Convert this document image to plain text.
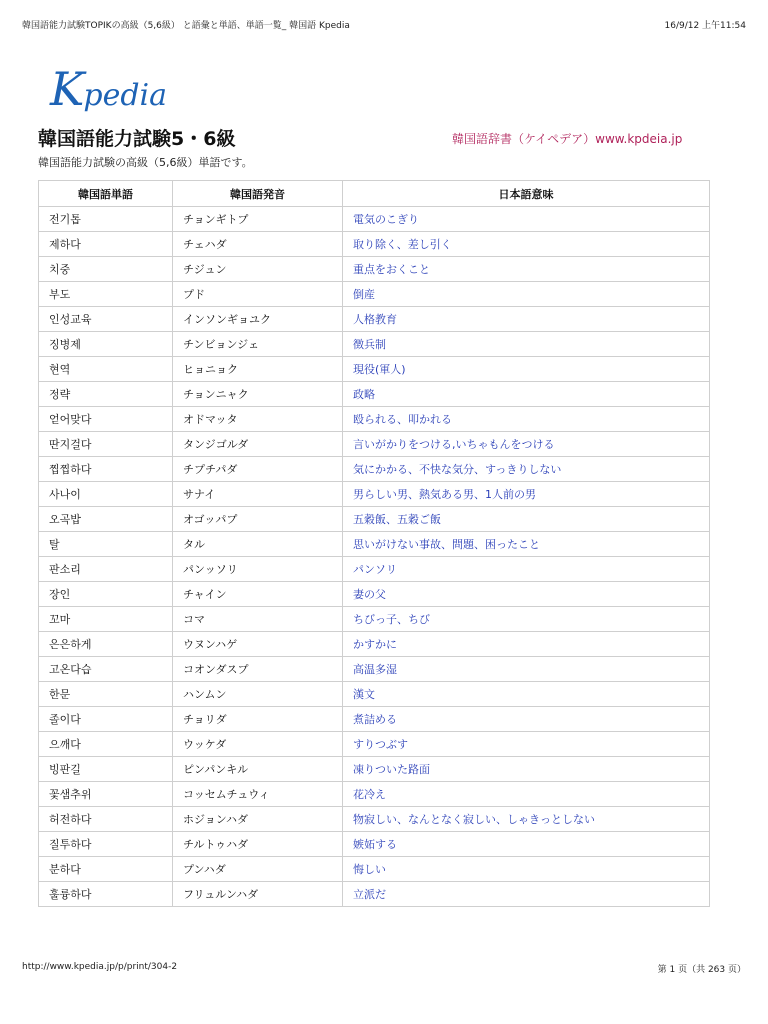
韓国語能力試験TOPIKの高級（5,6級） と語彙と単語、単語一覧_ 韓国語 Kpedia	16/9/12 上午11:54
Kpedia
韓国語能力試験5・6級	韓国語辞書（ケイペデア）www.kpdeia.jp
韓国語能力試験の高級（5,6級）単語です。
韓国語単語	韓国語発音	日本語意味
전기톱	チョンギトプ	電気のこぎり
제하다	チェハダ	取り除く、差し引く
치중	チジュン	重点をおくこと
부도	プド	倒産
인성교육	インソンギョユク	人格教育
징병제	チンビョンジェ	徴兵制
현역	ヒョニョク	現役(軍人)
정략	チョンニャク	政略
얻어맞다	オドマッタ	殴られる、叩かれる
딴지걸다	タンジゴルダ	言いがかりをつける,いちゃもんをつける
찝찝하다	チプチパダ	気にかかる、不快な気分、すっきりしない
사나이	サナイ	男らしい男、熱気ある男、1人前の男
오곡밥	オゴッパプ	五穀飯、五穀ご飯
탈	タル	思いがけない事故、問題、困ったこと
판소리	パンッソリ	パンソリ
장인	チャイン	妻の父
꼬마	コマ	ちびっ子、ちび
은은하게	ウヌンハゲ	かすかに
고온다습	コオンダスプ	高温多湿
한문	ハンムン	漢文
졸이다	チョリダ	煮詰める
으깨다	ウッケダ	すりつぶす
빙판길	ピンパンキル	凍りついた路面
꽃샘추위	コッセムチュウィ	花冷え
허전하다	ホジョンハダ	物寂しい、なんとなく寂しい、しゃきっとしない
질투하다	チルトゥハダ	嫉妬する
분하다	プンハダ	悔しい
훌륭하다	フリュルンハダ	立派だ
http://www.kpedia.jp/p/print/304-2	第 1 页（共 263 页）
